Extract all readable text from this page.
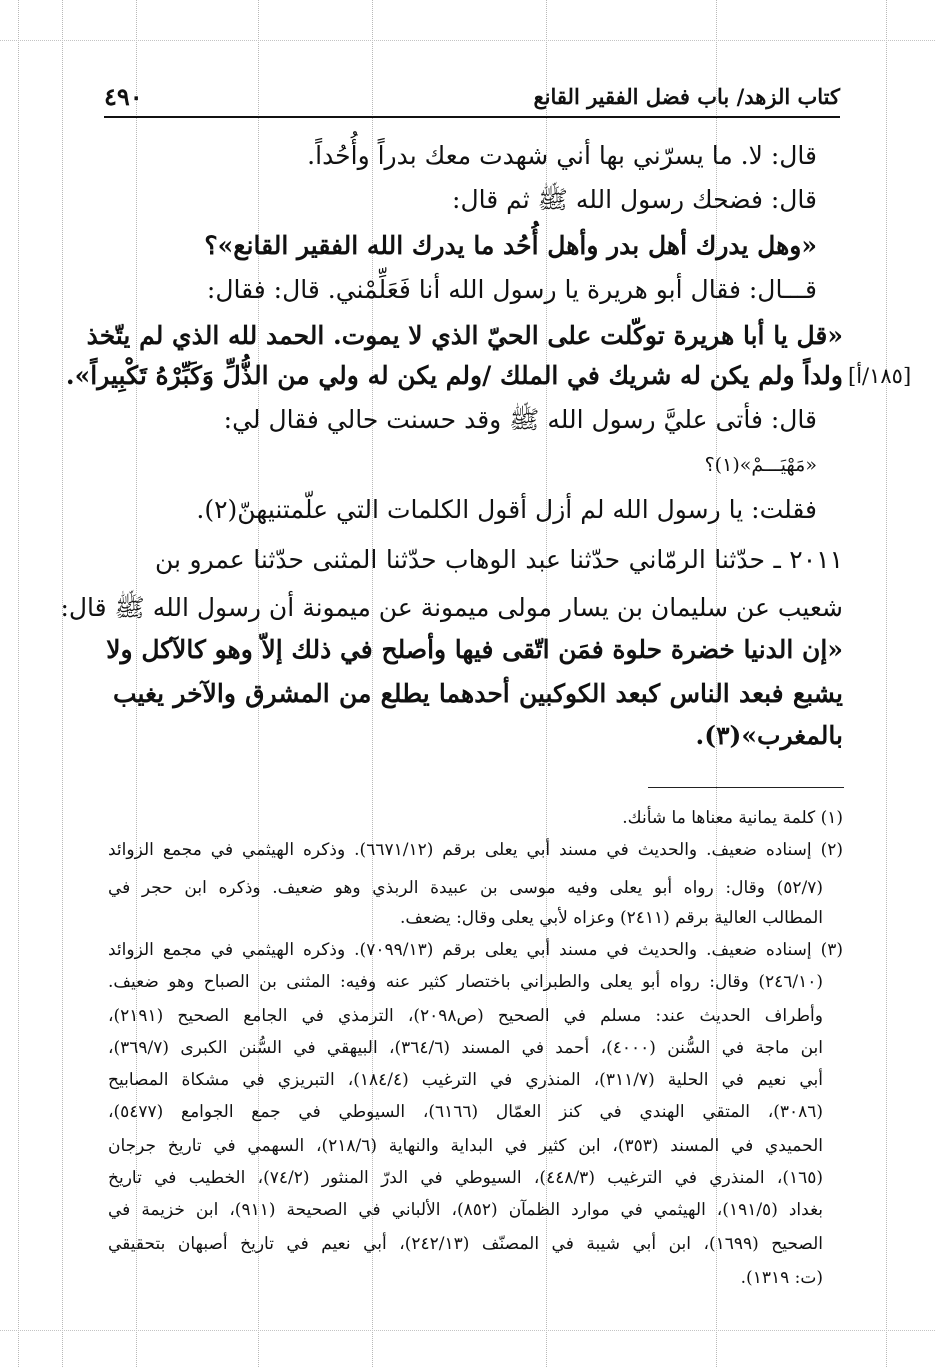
٤٩٠	كتاب الزهد/ باب فضل الفقير القانع
قال: لا. ما يسرّني بها أني شهدت معك بدراً وأُحُداً.
قال: فضحك رسول الله ﷺ ثم قال:
«وهل يدرك أهل بدر وأهل أُحُد ما يدرك الله الفقير القانع»؟
قـــال: فقال أبو هريرة يا رسول الله أنا فَعَلِّمْني. قال: فقال:
«قل يا أبا هريرة توكّلت على الحيّ الذي لا يموت. الحمد لله الذي لم يتّخذ
ولداً ولم يكن له شريك في الملك /ولم يكن له ولي من الذُّلِّ وَكَبِّرْهُ تَكْبِيراً». [١٨٥/أ]
قال: فأتى عليَّ رسول الله ﷺ وقد حسنت حالي فقال لي:
«مَهْيَـــمْ»(١)؟
فقلت: يا رسول الله لم أزل أقول الكلمات التي علّمتنيهنّ(٢).
٢٠١١ ـ حدّثنا الرمّاني حدّثنا عبد الوهاب حدّثنا المثنى حدّثنا عمرو بن
شعيب عن سليمان بن يسار مولى ميمونة عن ميمونة أن رسول الله ﷺ قال:
«إن الدنيا خضرة حلوة فمَن اتّقى فيها وأصلح في ذلك إلاّ وهو كالآكل ولا
يشبع فبعد الناس كبعد الكوكبين أحدهما يطلع من المشرق والآخر يغيب
بالمغرب»(٣).
(١) كلمة يمانية معناها ما شأنك.
(٢) إسناده ضعيف. والحديث في مسند أبي يعلى برقم (٦٦٧١/١٢). وذكره الهيثمي في مجمع الزوائد
(٥٢/٧) وقال: رواه أبو يعلى وفيه موسى بن عبيدة الربذي وهو ضعيف. وذكره ابن حجر في
المطالب العالية برقم (٢٤١١) وعزاه لأبي يعلى وقال: يضعف.
(٣) إسناده ضعيف. والحديث في مسند أبي يعلى برقم (٧٠٩٩/١٣). وذكره الهيثمي في مجمع الزوائد
(٢٤٦/١٠) وقال: رواه أبو يعلى والطبراني باختصار كثير عنه وفيه: المثنى بن الصباح وهو ضعيف.
وأطراف الحديث عند: مسلم في الصحيح (ص٢٠٩٨)، الترمذي في الجامع الصحيح (٢١٩١)،
ابن ماجة في السُّنن (٤٠٠٠)، أحمد في المسند (٣٦٤/٦)، البيهقي في السُّنن الكبرى (٣٦٩/٧)،
أبي نعيم في الحلية (٣١١/٧)، المنذري في الترغيب (١٨٤/٤)، التبريزي في مشكاة المصابيح
(٣٠٨٦)، المتقي الهندي في كنز العمّال (٦١٦٦)، السيوطي في جمع الجوامع (٥٤٧٧)،
الحميدي في المسند (٣٥٣)، ابن كثير في البداية والنهاية (٢١٨/٦)، السهمي في تاريخ جرجان
(١٦٥)، المنذري في الترغيب (٤٤٨/٣)، السيوطي في الدرّ المنثور (٧٤/٢)، الخطيب في تاريخ
بغداد (١٩١/٥)، الهيثمي في موارد الظمآن (٨٥٢)، الألباني في الصحيحة (٩١١)، ابن خزيمة في
الصحيح (١٦٩٩)، ابن أبي شيبة في المصنّف (٢٤٢/١٣)، أبي نعيم في تاريخ أصبهان بتحقيقي
(ت: ١٣١٩).
